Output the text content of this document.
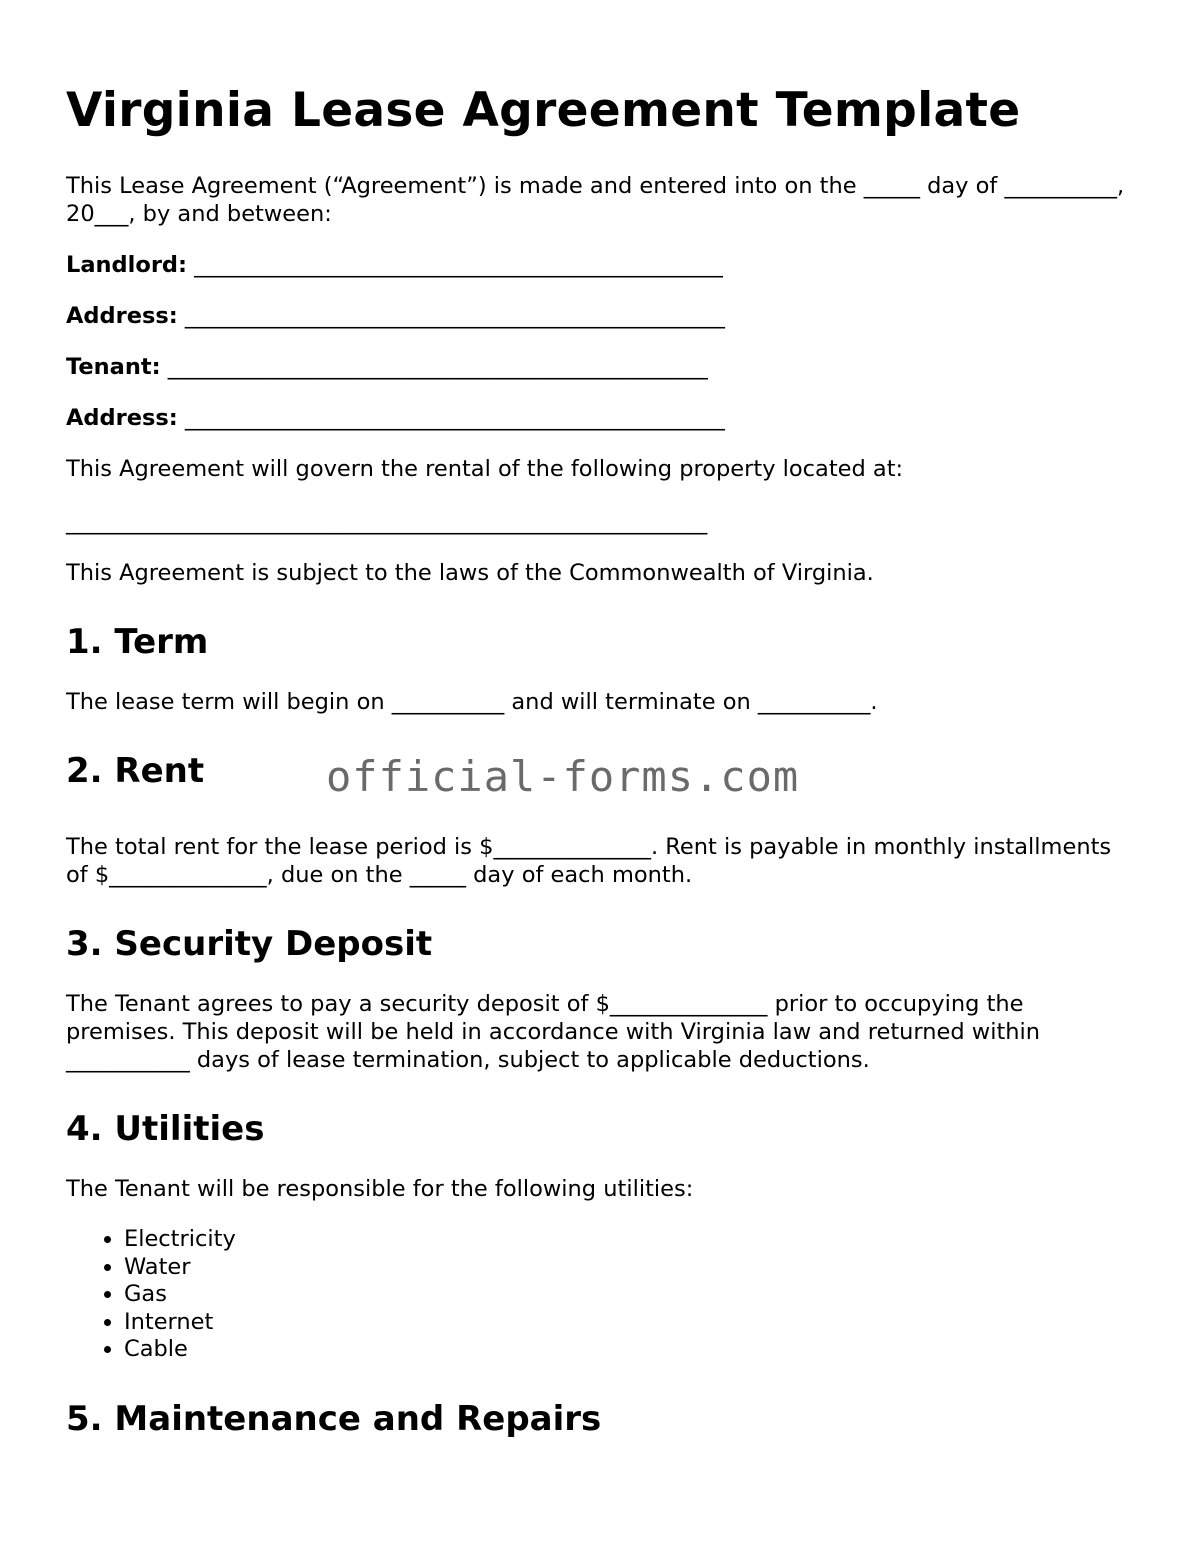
Virginia Lease Agreement Template

This Lease Agreement (“Agreement”) is made and entered into on the _____ day of __________, 20___, by and between:

Landlord: _______________________________________________
Address: ________________________________________________
Tenant: ________________________________________________
Address: ________________________________________________

This Agreement will govern the rental of the following property located at:

_________________________________________________________

This Agreement is subject to the laws of the Commonwealth of Virginia.

1. Term

The lease term will begin on __________ and will terminate on __________.

2. Rent

The total rent for the lease period is $______________. Rent is payable in monthly installments of $______________, due on the _____ day of each month.

3. Security Deposit

The Tenant agrees to pay a security deposit of $______________ prior to occupying the premises. This deposit will be held in accordance with Virginia law and returned within ___________ days of lease termination, subject to applicable deductions.

4. Utilities

The Tenant will be responsible for the following utilities:

• Electricity
• Water
• Gas
• Internet
• Cable
5. Maintenance and Repairs
official-forms.com
